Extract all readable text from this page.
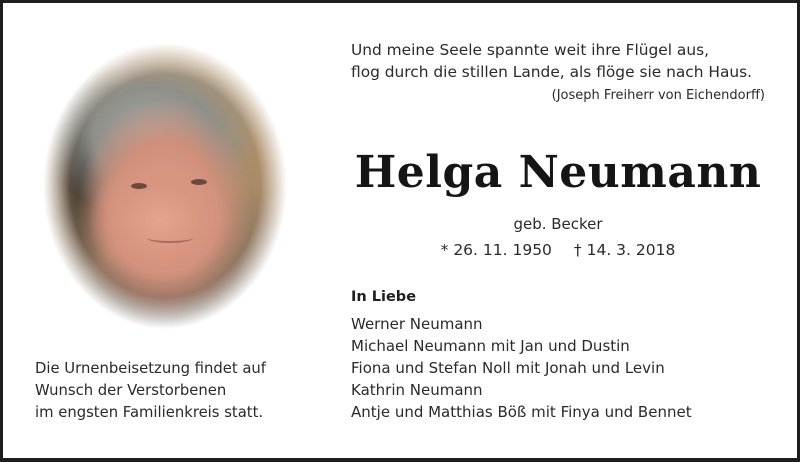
Und meine Seele spannte weit ihre Flügel aus,
flog durch die stillen Lande, als flöge sie nach Haus.
(Joseph Freiherr von Eichendorff)
Helga Neumann
geb. Becker
* 26. 11. 1950 † 14. 3. 2018
In Liebe
Werner Neumann
Michael Neumann mit Jan und Dustin
Fiona und Stefan Noll mit Jonah und Levin
Kathrin Neumann
Antje und Matthias Böß mit Finya und Bennet
Die Urnenbeisetzung findet auf
Wunsch der Verstorbenen
im engsten Familienkreis statt.
